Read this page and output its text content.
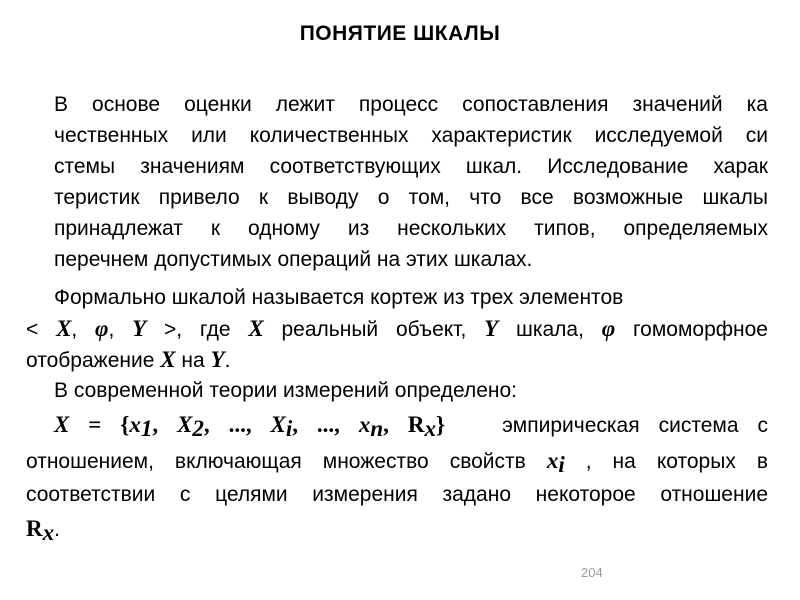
ПОНЯТИЕ ШКАЛЫ
В основе оценки лежит процесс сопоставления значений ка
чественных или количественных характеристик исследуемой си
стемы значениям соответствующих шкал. Исследование харак
теристик привело к выводу о том, что все возможные шкалы
принадлежат к одному из нескольких типов, определяемых
перечнем допустимых операций на этих шкалах.
Формально шкалой называется кортеж из трех элементов
< X, φ, Y >, где X реальный объект, Y шкала, φ гомоморфное
отображение X на Y.
В современной теории измерений определено:
$X = \{x_1$, $X_2$, ..., $X_i$, ..., $x_n$, $R_x$}	эмпирическая система с
отношением, включающая множество свойств $x_i$ , на которых в
соответствии с целями измерения задано некоторое отношение
$R_x$.
204
